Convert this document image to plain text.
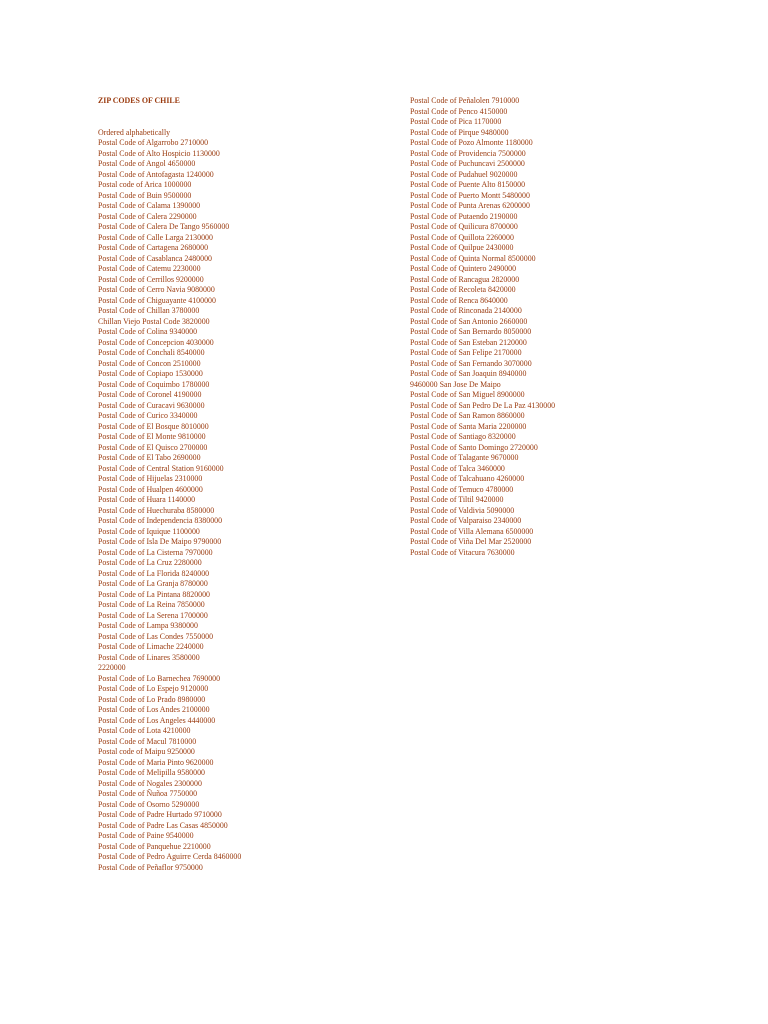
ZIP CODES OF CHILE
Ordered alphabetically
Postal Code of Algarrobo 2710000
Postal Code of Alto Hospicio 1130000
Postal Code of Angol 4650000
Postal Code of Antofagasta 1240000
Postal code of Arica 1000000
Postal Code of Buin 9500000
Postal Code of Calama 1390000
Postal Code of Calera 2290000
Postal Code of Calera De Tango 9560000
Postal Code of Calle Larga 2130000
Postal Code of Cartagena 2680000
Postal Code of Casablanca 2480000
Postal Code of Catemu 2230000
Postal Code of Cerrillos 9200000
Postal Code of Cerro Navia 9080000
Postal Code of Chiguayante 4100000
Postal Code of Chillan 3780000
Chillan Viejo Postal Code 3820000
Postal Code of Colina 9340000
Postal Code of Concepcion 4030000
Postal Code of Conchali 8540000
Postal Code of Concon 2510000
Postal Code of Copiapo 1530000
Postal Code of Coquimbo 1780000
Postal Code of Coronel 4190000
Postal Code of Curacavi 9630000
Postal Code of Curico 3340000
Postal Code of El Bosque 8010000
Postal Code of El Monte 9810000
Postal Code of El Quisco 2700000
Postal Code of El Tabo 2690000
Postal Code of Central Station 9160000
Postal Code of Hijuelas 2310000
Postal Code of Hualpen 4600000
Postal Code of Huara 1140000
Postal Code of Huechuraba 8580000
Postal Code of Independencia 8380000
Postal Code of Iquique 1100000
Postal Code of Isla De Maipo 9790000
Postal Code of La Cisterna 7970000
Postal Code of La Cruz 2280000
Postal Code of La Florida 8240000
Postal Code of La Granja 8780000
Postal Code of La Pintana 8820000
Postal Code of La Reina 7850000
Postal Code of La Serena 1700000
Postal Code of Lampa 9380000
Postal Code of Las Condes 7550000
Postal Code of Limache 2240000
Postal Code of Linares 3580000
2220000
Postal Code of Lo Barnechea 7690000
Postal Code of Lo Espejo 9120000
Postal Code of Lo Prado 8980000
Postal Code of Los Andes 2100000
Postal Code of Los Angeles 4440000
Postal Code of Lota 4210000
Postal Code of Macul 7810000
Postal code of Maipu 9250000
Postal Code of Maria Pinto 9620000
Postal Code of Melipilla 9580000
Postal Code of Nogales 2300000
Postal Code of Ñuñoa 7750000
Postal Code of Osorno 5290000
Postal Code of Padre Hurtado 9710000
Postal Code of Padre Las Casas 4850000
Postal Code of Paine 9540000
Postal Code of Panquehue 2210000
Postal Code of Pedro Aguirre Cerda 8460000
Postal Code of Peñaflor 9750000
Postal Code of Peñalolen 7910000
Postal Code of Penco 4150000
Postal Code of Pica 1170000
Postal Code of Pirque 9480000
Postal Code of Pozo Almonte 1180000
Postal Code of Providencia 7500000
Postal Code of Puchuncavi 2500000
Postal Code of Pudahuel 9020000
Postal Code of Puente Alto 8150000
Postal Code of Puerto Montt 5480000
Postal Code of Punta Arenas 6200000
Postal Code of Putaendo 2190000
Postal Code of Quilicura 8700000
Postal Code of Quillota 2260000
Postal Code of Quilpue 2430000
Postal Code of Quinta Normal 8500000
Postal Code of Quintero 2490000
Postal Code of Rancagua 2820000
Postal Code of Recoleta 8420000
Postal Code of Renca 8640000
Postal Code of Rinconada 2140000
Postal Code of San Antonio 2660000
Postal Code of San Bernardo 8050000
Postal Code of San Esteban 2120000
Postal Code of San Felipe 2170000
Postal Code of San Fernando 3070000
Postal Code of San Joaquin 8940000
9460000 San Jose De Maipo
Postal Code of San Miguel 8900000
Postal Code of San Pedro De La Paz 4130000
Postal Code of San Ramon 8860000
Postal Code of Santa Maria 2200000
Postal Code of Santiago 8320000
Postal Code of Santo Domingo 2720000
Postal Code of Talagante 9670000
Postal Code of Talca 3460000
Postal Code of Talcahuano 4260000
Postal Code of Temuco 4780000
Postal Code of Tiltil 9420000
Postal Code of Valdivia 5090000
Postal Code of Valparaiso 2340000
Postal Code of Villa Alemana 6500000
Postal Code of Viña Del Mar 2520000
Postal Code of Vitacura 7630000
